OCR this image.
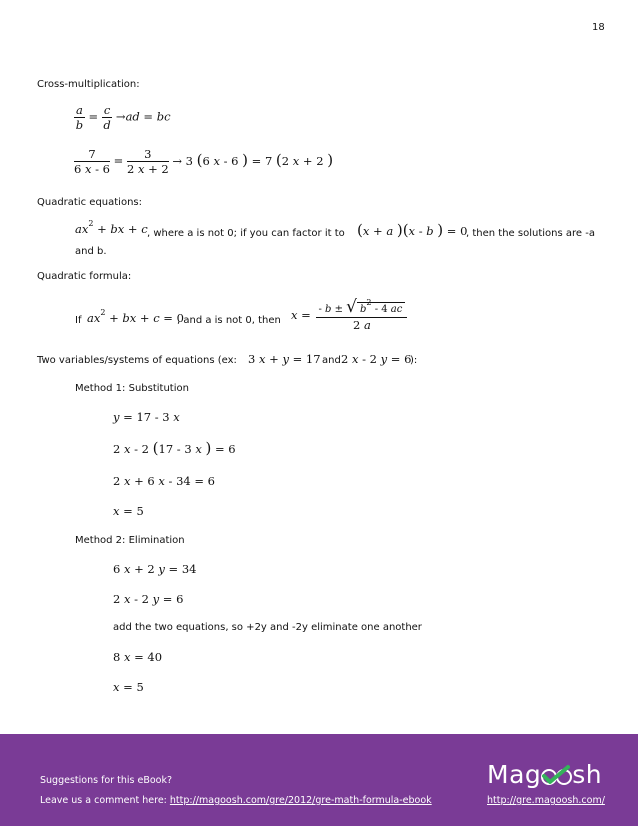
18
Cross-multiplication:
$\frac{a}{b} = \frac{c}{d} \to ad$ = bc
$\frac{7}{6 x - 6} = \frac{3}{2 x + 2} \to 3$ (6 x - 6 ) = 7 (2 x + 2 )
Quadratic equations:
$ax^2$ + bx + c , where a is not 0; if you can factor it to (x + a )(x - b ) = 0
, then the solutions are -a
and b.
Quadratic formula:
If $ax^2$ + bx + c = 0
, and a is not 0, then $x = \frac{- b \pm √ b^2 - 4 ac}{2 a}$
Two variables/systems of equations (ex: 3 x + y = 17 and 2 x - 2 y = 6
):
Method 1: Substitution
y = 17 - 3 x
2 x - 2 (17 - 3 x ) = 6
2 x + 6 x - 34 = 6
x = 5
Method 2: Elimination
6 x + 2 y = 34
2 x - 2 y = 6
add the two equations, so +2y and -2y eliminate one another
8 x = 40
x = 5
Suggestions for this eBook?
Leave us a comment here: http://magoosh.com/gre/2012/gre-math-formula-ebook
Mag sh
http://gre.magoosh.com/
